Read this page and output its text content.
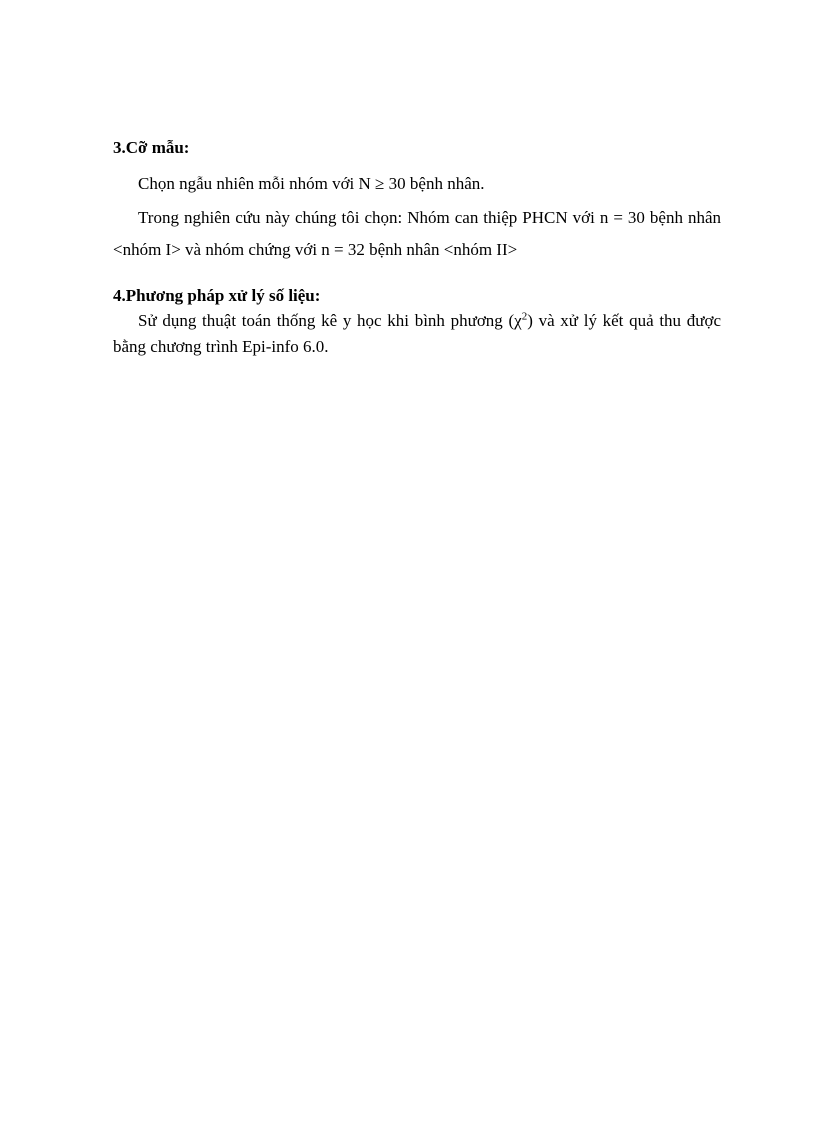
3.Cỡ mẫu:

Chọn ngẫu nhiên mỗi nhóm với N ≥ 30 bệnh nhân.

Trong nghiên cứu này chúng tôi chọn: Nhóm can thiệp PHCN với n = 30 bệnh nhân <nhóm I> và nhóm chứng với n = 32 bệnh nhân <nhóm II>

4.Phương pháp xử lý số liệu:

Sử dụng thuật toán thống kê y học khi bình phương $(\chi^2)$ và xử lý kết quả thu được bằng chương trình Epi-info 6.0.
